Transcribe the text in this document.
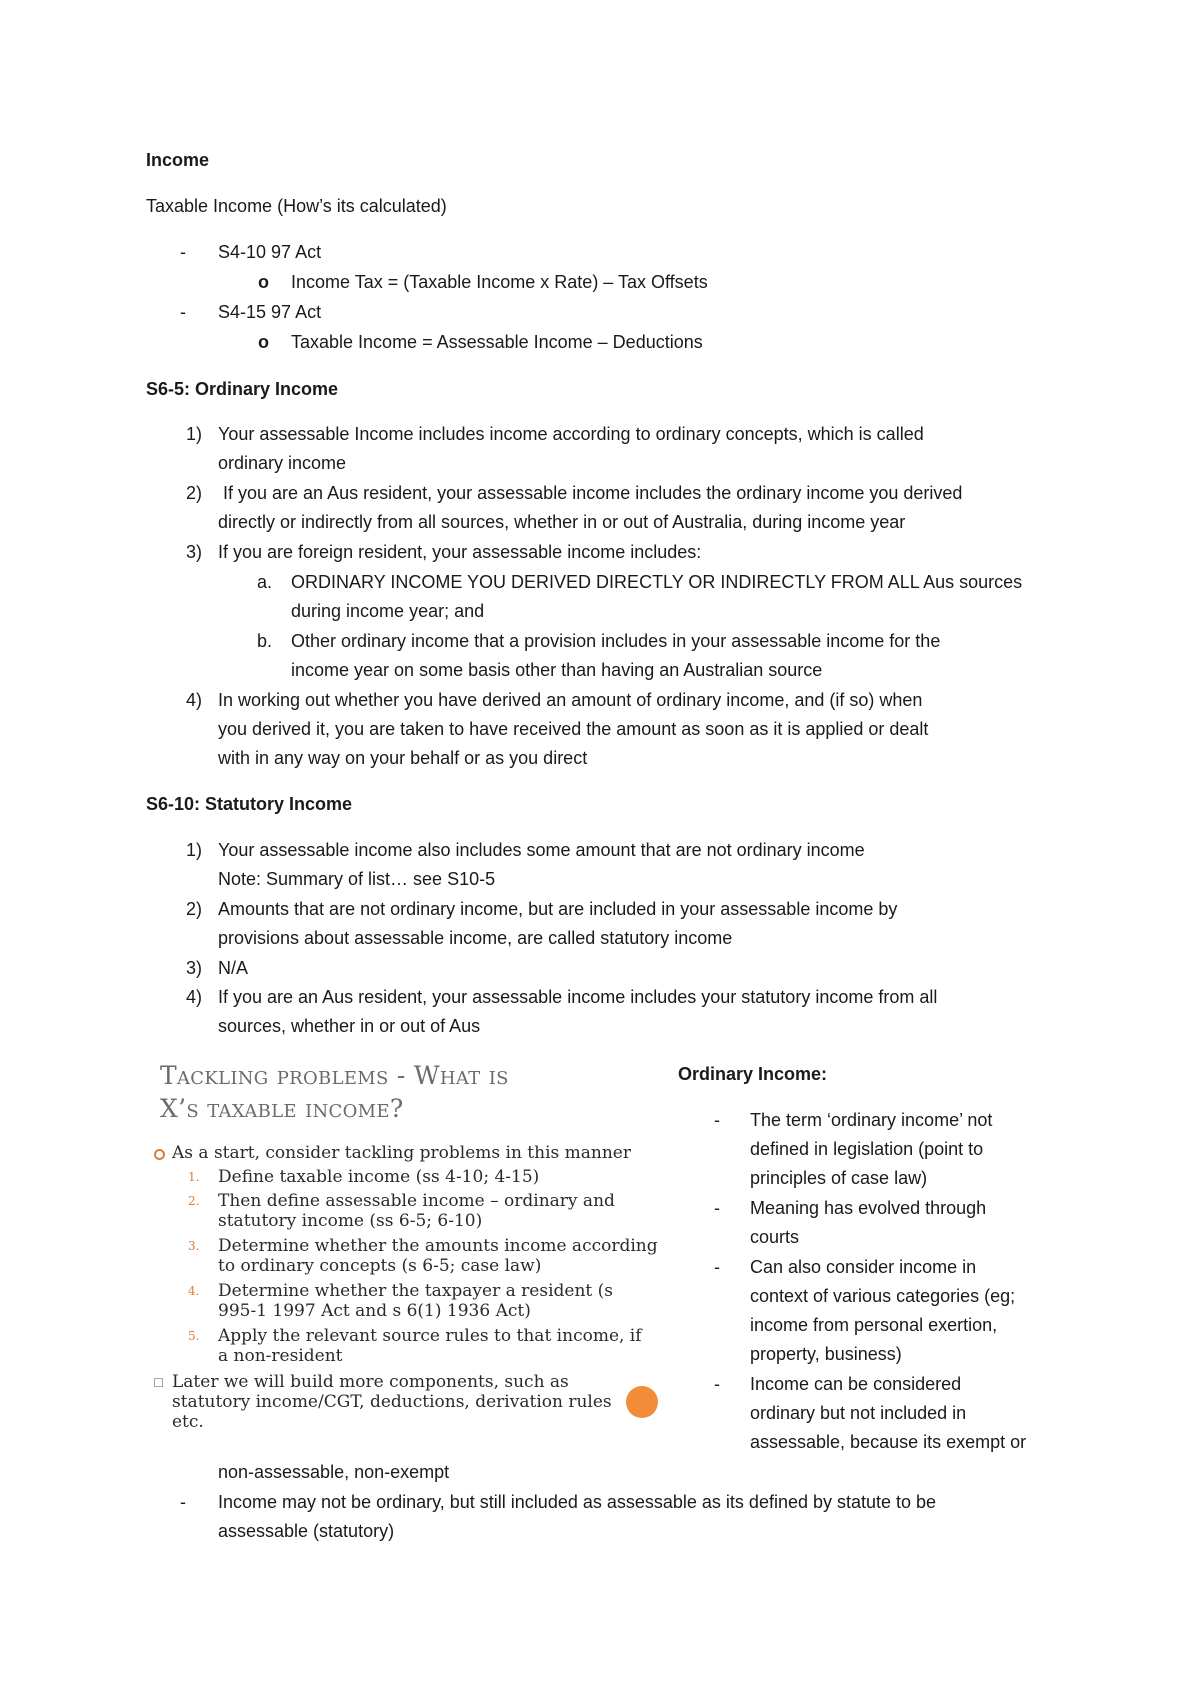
Income
Taxable Income (How’s its calculated)
- S4-10 97 Act
o Income Tax = (Taxable Income x Rate) – Tax Offsets
- S4-15 97 Act
o Taxable Income = Assessable Income – Deductions
S6-5: Ordinary Income
1) Your assessable Income includes income according to ordinary concepts, which is called
ordinary income
2) If you are an Aus resident, your assessable income includes the ordinary income you derived
directly or indirectly from all sources, whether in or out of Australia, during income year
3) If you are foreign resident, your assessable income includes:
a. ORDINARY INCOME YOU DERIVED DIRECTLY OR INDIRECTLY FROM ALL Aus sources
during income year; and
b. Other ordinary income that a provision includes in your assessable income for the
income year on some basis other than having an Australian source
4) In working out whether you have derived an amount of ordinary income, and (if so) when
you derived it, you are taken to have received the amount as soon as it is applied or dealt
with in any way on your behalf or as you direct
S6-10: Statutory Income
1) Your assessable income also includes some amount that are not ordinary income
Note: Summary of list… see S10-5
2) Amounts that are not ordinary income, but are included in your assessable income by
provisions about assessable income, are called statutory income
3) N/A
4) If you are an Aus resident, your assessable income includes your statutory income from all
sources, whether in or out of Aus
Tackling problems - What is
X’s taxable income?
As a start, consider tackling problems in this manner
1. Define taxable income (ss 4-10; 4-15)
2. Then define assessable income – ordinary and
statutory income (ss 6-5; 6-10)
3. Determine whether the amounts income according
to ordinary concepts (s 6-5; case law)
4. Determine whether the taxpayer a resident (s
995-1 1997 Act and s 6(1) 1936 Act)
5. Apply the relevant source rules to that income, if
a non-resident
Later we will build more components, such as
statutory income/CGT, deductions, derivation rules
etc.
Ordinary Income:
- The term ‘ordinary income’ not
defined in legislation (point to
principles of case law)
- Meaning has evolved through
courts
- Can also consider income in
context of various categories (eg;
income from personal exertion,
property, business)
- Income can be considered
ordinary but not included in
assessable, because its exempt or
non-assessable, non-exempt
- Income may not be ordinary, but still included as assessable as its defined by statute to be
assessable (statutory)
